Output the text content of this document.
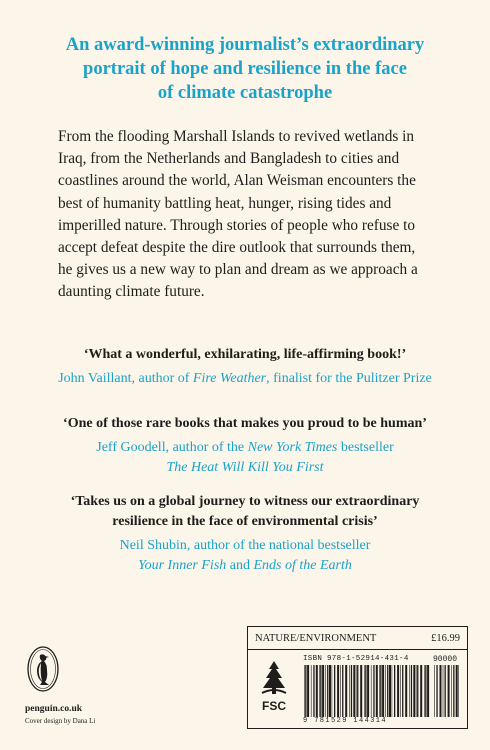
An award-winning journalist’s extraordinary
portrait of hope and resilience in the face
of climate catastrophe
From the flooding Marshall Islands to revived wetlands in
Iraq, from the Netherlands and Bangladesh to cities and
coastlines around the world, Alan Weisman encounters the
best of humanity battling heat, hunger, rising tides and
imperilled nature. Through stories of people who refuse to
accept defeat despite the dire outlook that surrounds them,
he gives us a new way to plan and dream as we approach a
daunting climate future.
‘What a wonderful, exhilarating, life-affirming book!’
John Vaillant, author of Fire Weather, finalist for the Pulitzer Prize
‘One of those rare books that makes you proud to be human’
Jeff Goodell, author of the New York Times bestseller
The Heat Will Kill You First
‘Takes us on a global journey to witness our extraordinary
resilience in the face of environmental crisis’
Neil Shubin, author of the national bestseller
Your Inner Fish and Ends of the Earth
penguin.co.uk
Cover design by Dana Li
NATURE/ENVIRONMENT	£16.99
FSC
ISBN 978-1-52914-431-4	90000
9 781529 144314
